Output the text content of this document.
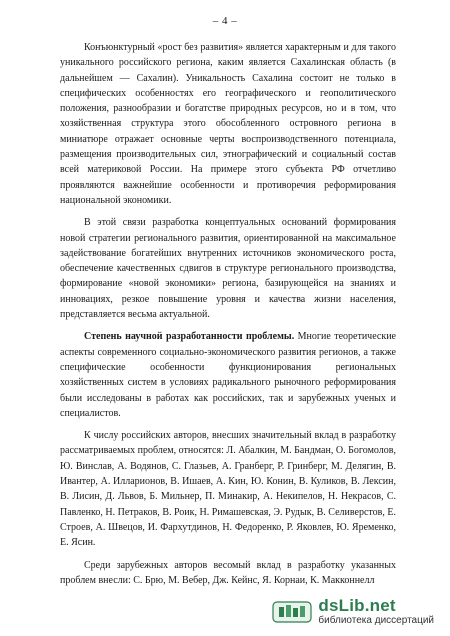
– 4 –

Конъюнктурный «рост без развития» является характерным и для такого уникального российского региона, каким является Сахалинская область (в дальнейшем — Сахалин). Уникальность Сахалина состоит не только в специфических особенностях его географического и геополитического положения, разнообразии и богатстве природных ресурсов, но и в том, что хозяйственная структура этого обособленного островного региона в миниатюре отражает основные черты воспроизводственного потенциала, размещения производительных сил, этнографический и социальный состав всей материковой России. На примере этого субъекта РФ отчетливо проявляются важнейшие особенности и противоречия реформирования национальной экономики.

В этой связи разработка концептуальных оснований формирования новой стратегии регионального развития, ориентированной на максимальное задействование богатейших внутренних источников экономического роста, обеспечение качественных сдвигов в структуре регионального производства, формирование «новой экономики» региона, базирующейся на знаниях и инновациях, резкое повышение уровня и качества жизни населения, представляется весьма актуальной.

Степень научной разработанности проблемы. Многие теоретические аспекты современного социально-экономического развития регионов, а также специфические особенности функционирования региональных хозяйственных систем в условиях радикального рыночного реформирования были исследованы в работах как российских, так и зарубежных ученых и специалистов.

К числу российских авторов, внесших значительный вклад в разработку рассматриваемых проблем, относятся: Л. Абалкин, М. Бандман, О. Богомолов, Ю. Винслав, А. Водянов, С. Глазьев, А. Гранберг, Р. Гринберг, М. Делягин, В. Ивантер, А. Илларионов, В. Ишаев, А. Кин, Ю. Конин, В. Куликов, В. Лексин, В. Лисин, Д. Львов, Б. Мильнер, П. Минакир, А. Некипелов, Н. Некрасов, С. Павленко, Н. Петраков, В. Роик, Н. Римашевская, Э. Рудык, В. Селиверстов, Е. Строев, А. Швецов, И. Фархутдинов, Н. Федоренко, Р. Яковлев, Ю. Яременко, Е. Ясин.

Среди зарубежных авторов весомый вклад в разработку указанных проблем внесли: С. Брю, М. Вебер, Дж. Кейнс, Я. Корнаи, К. Макконнелл

dsLib.net
библиотека диссертаций
